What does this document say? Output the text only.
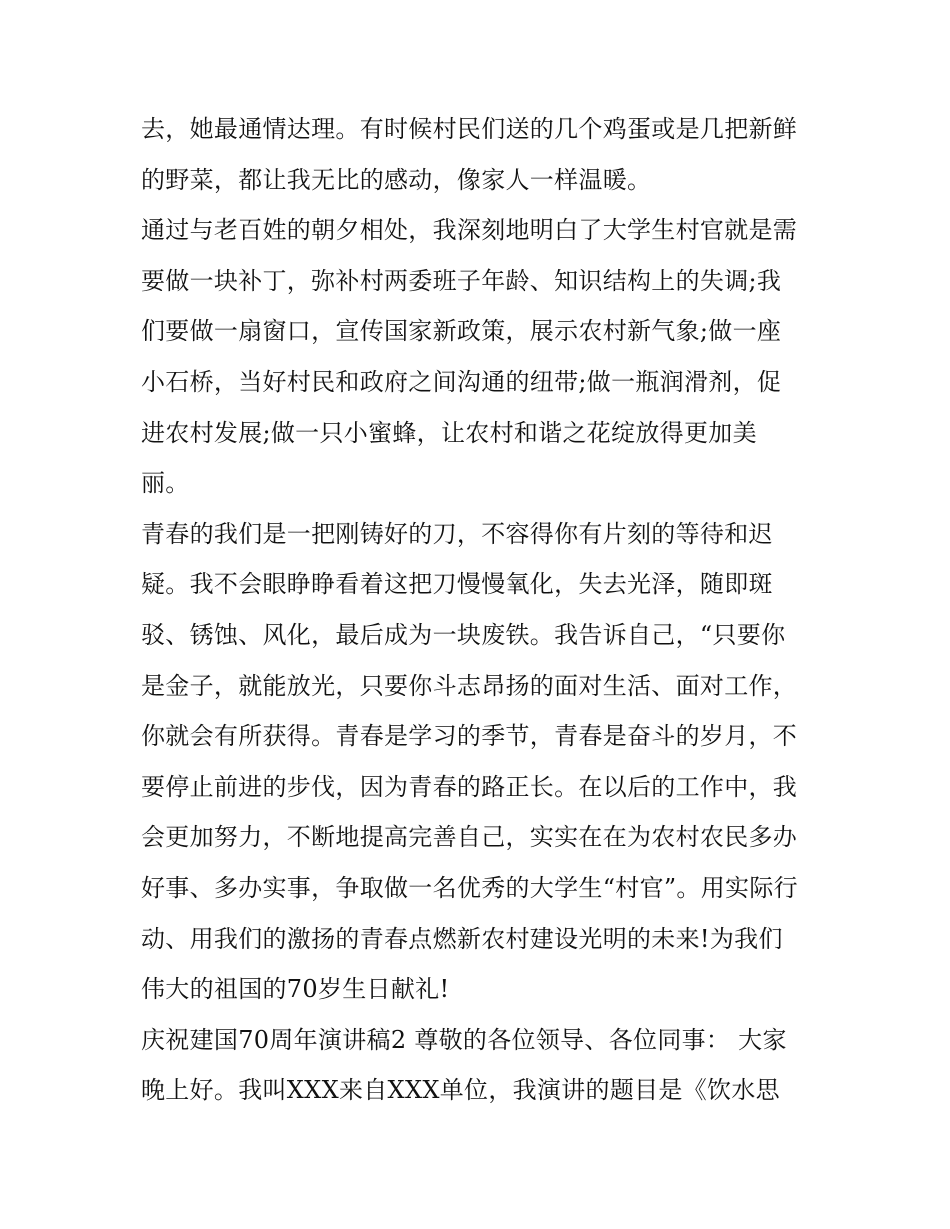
去，她最通情达理。有时候村民们送的几个鸡蛋或是几把新鲜
的野菜，都让我无比的感动，像家人一样温暖。
通过与老百姓的朝夕相处，我深刻地明白了大学生村官就是需
要做一块补丁，弥补村两委班子年龄、知识结构上的失调;我
们要做一扇窗口，宣传国家新政策，展示农村新气象;做一座
小石桥，当好村民和政府之间沟通的纽带;做一瓶润滑剂，促
进农村发展;做一只小蜜蜂，让农村和谐之花绽放得更加美
丽。
青春的我们是一把刚铸好的刀，不容得你有片刻的等待和迟
疑。我不会眼睁睁看着这把刀慢慢氧化，失去光泽，随即斑
驳、锈蚀、风化，最后成为一块废铁。我告诉自己，“只要你
是金子，就能放光，只要你斗志昂扬的面对生活、面对工作，
你就会有所获得。青春是学习的季节，青春是奋斗的岁月，不
要停止前进的步伐，因为青春的路正长。在以后的工作中，我
会更加努力，不断地提高完善自己，实实在在为农村农民多办
好事、多办实事，争取做一名优秀的大学生“村官”。用实际行
动、用我们的激扬的青春点燃新农村建设光明的未来!为我们
伟大的祖国的70岁生日献礼!
庆祝建国70周年演讲稿2 尊敬的各位领导、各位同事： 大家
晚上好。我叫XXX来自XXX单位，我演讲的题目是《饮水思
